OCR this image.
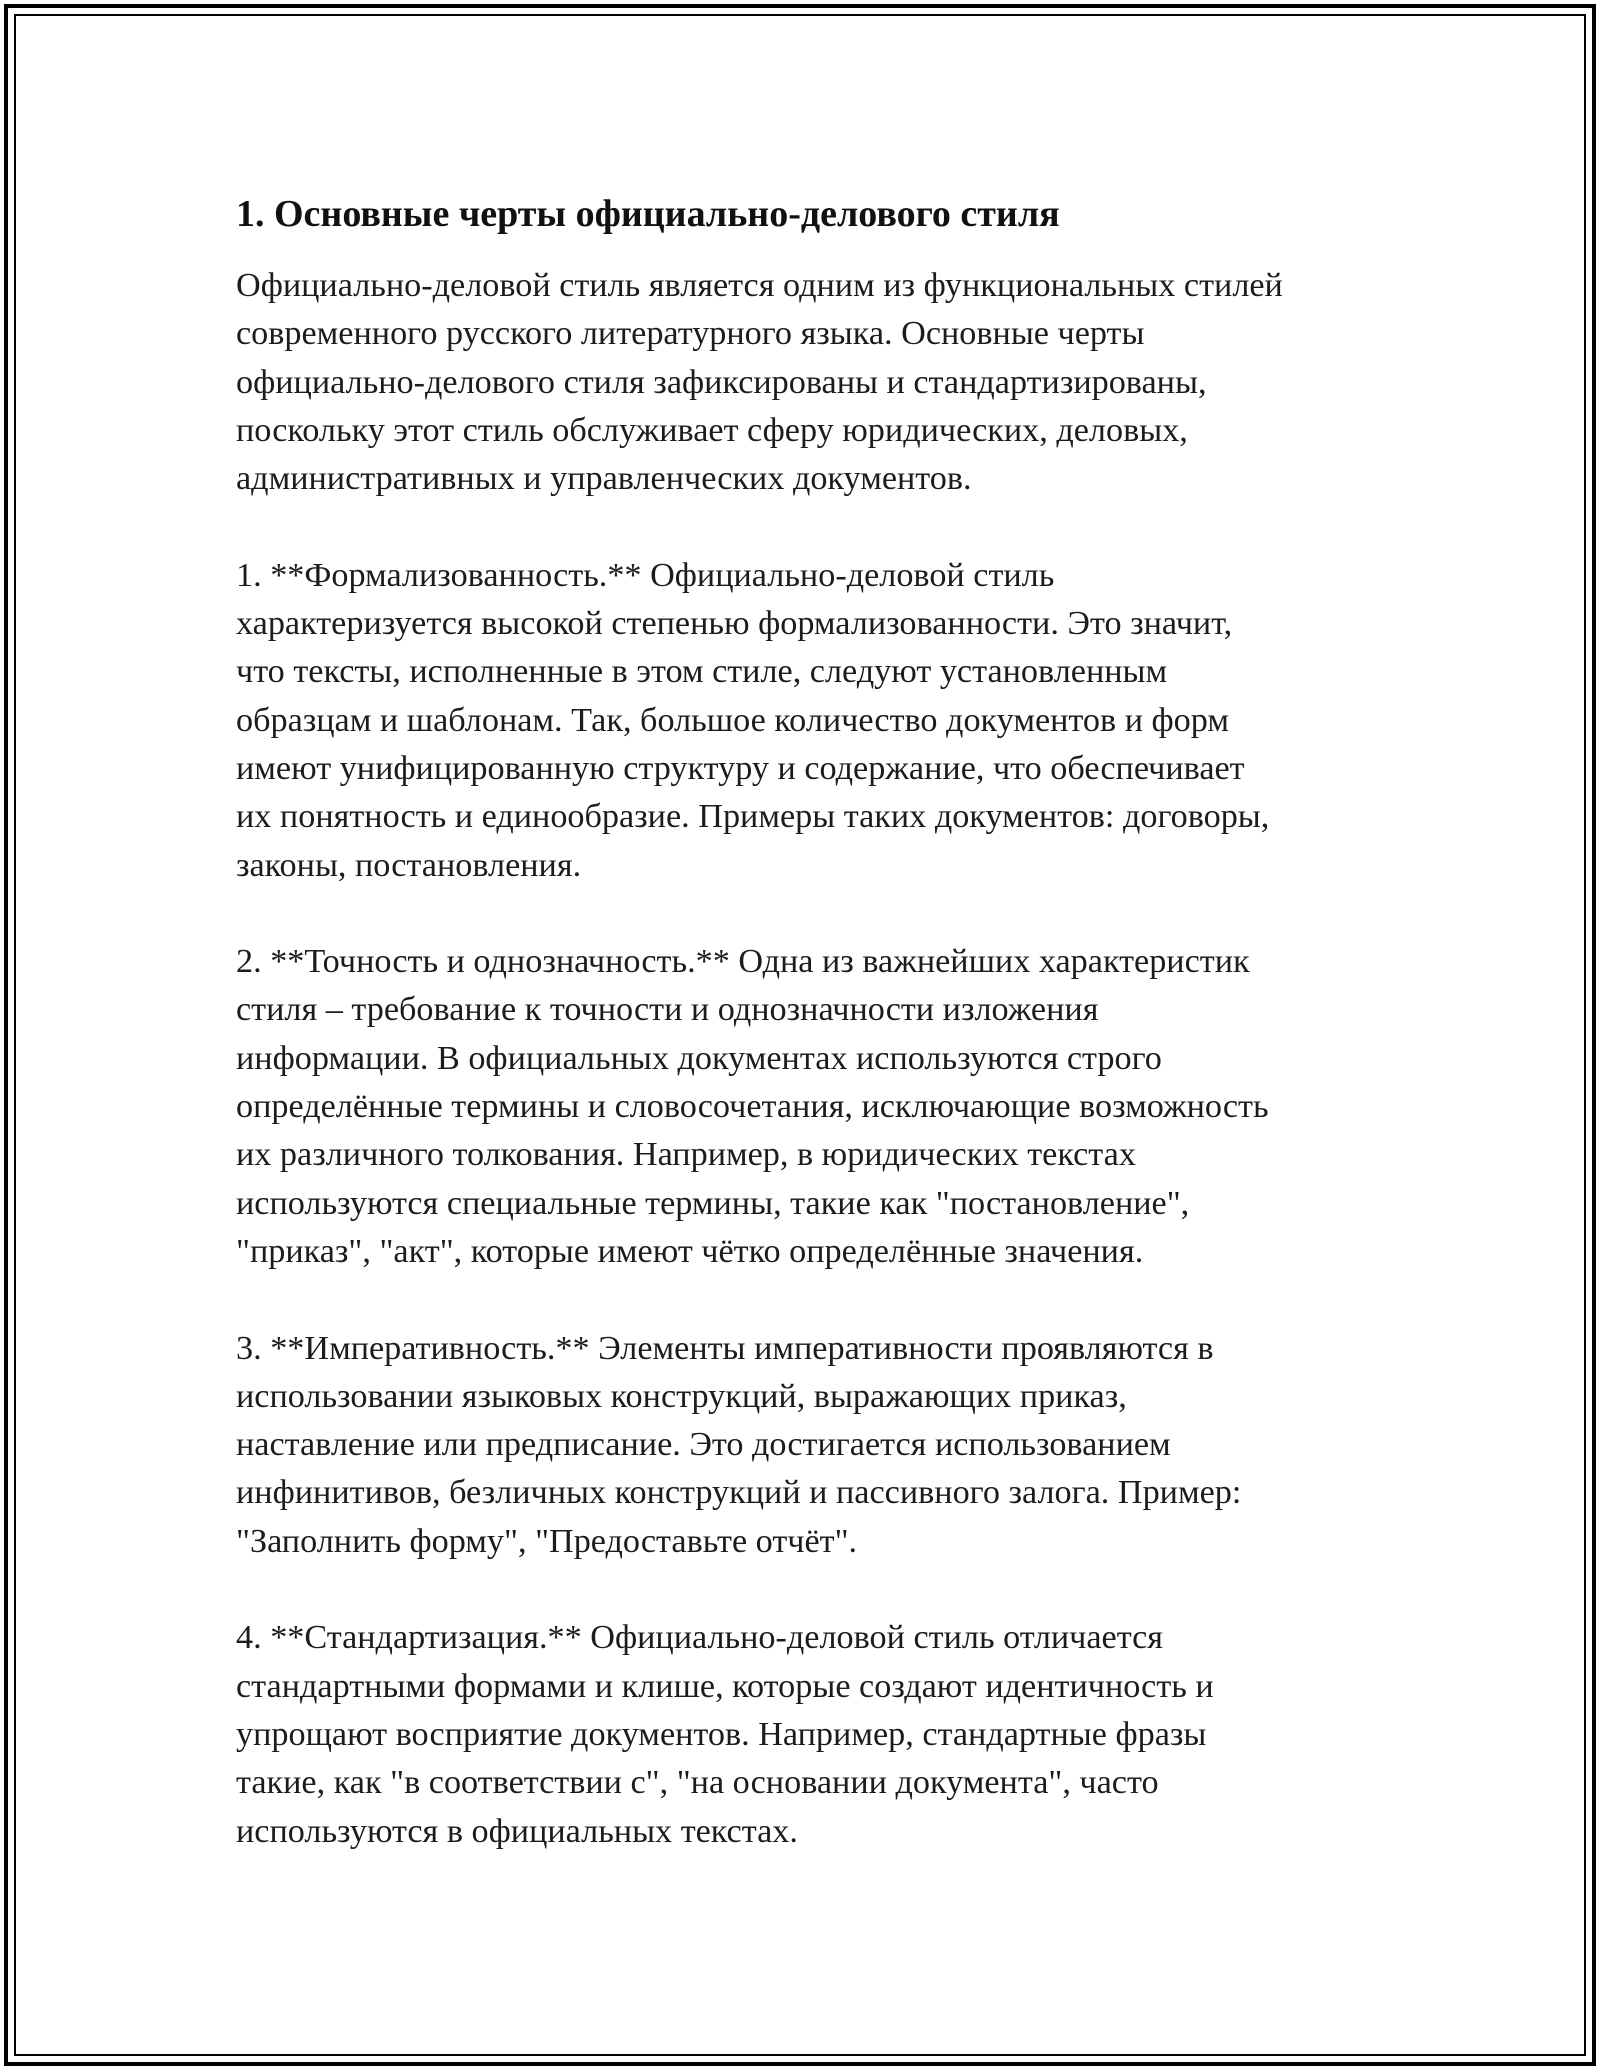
1. Основные черты официально-делового стиля

Официально-деловой стиль является одним из функциональных стилей
современного русского литературного языка. Основные черты
официально-делового стиля зафиксированы и стандартизированы,
поскольку этот стиль обслуживает сферу юридических, деловых,
административных и управленческих документов.

1. **Формализованность.** Официально-деловой стиль
характеризуется высокой степенью формализованности. Это значит,
что тексты, исполненные в этом стиле, следуют установленным
образцам и шаблонам. Так, большое количество документов и форм
имеют унифицированную структуру и содержание, что обеспечивает
их понятность и единообразие. Примеры таких документов: договоры,
законы, постановления.

2. **Точность и однозначность.** Одна из важнейших характеристик
стиля – требование к точности и однозначности изложения
информации. В официальных документах используются строго
определённые термины и словосочетания, исключающие возможность
их различного толкования. Например, в юридических текстах
используются специальные термины, такие как "постановление",
"приказ", "акт", которые имеют чётко определённые значения.

3. **Императивность.** Элементы императивности проявляются в
использовании языковых конструкций, выражающих приказ,
наставление или предписание. Это достигается использованием
инфинитивов, безличных конструкций и пассивного залога. Пример:
"Заполнить форму", "Предоставьте отчёт".

4. **Стандартизация.** Официально-деловой стиль отличается
стандартными формами и клише, которые создают идентичность и
упрощают восприятие документов. Например, стандартные фразы
такие, как "в соответствии с", "на основании документа", часто
используются в официальных текстах.
